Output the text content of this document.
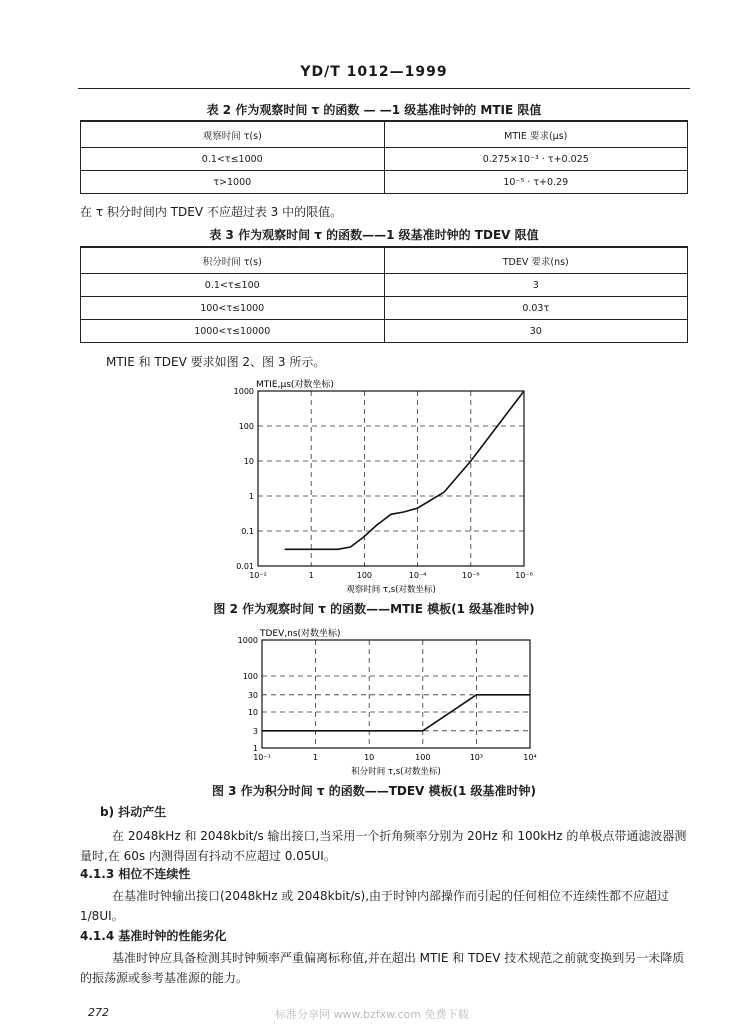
YD/T 1012—1999
表 2 作为观察时间 τ 的函数 — —1 级基准时钟的 MTIE 限值
观察时间 τ(s)	MTIE 要求(μs)
0.1<τ≤1000	0.275×10⁻³ · τ+0.025
τ>1000	10⁻⁵ · τ+0.29
在 τ 积分时间内 TDEV 不应超过表 3 中的限值。
表 3 作为观察时间 τ 的函数——1 级基准时钟的 TDEV 限值
积分时间 τ(s)	TDEV 要求(ns)
0.1<τ≤100	3
100<τ≤1000	0.03τ
1000<τ≤10000	30
MTIE 和 TDEV 要求如图 2、图 3 所示。
MTIE,μs(对数坐标)
10⁻²	1	100	10⁻⁴	10⁻⁶	10⁻⁸
1000
100
10
1
0.1
0.01
观察时间 τ,s(对数坐标)
图 2 作为观察时间 τ 的函数——MTIE 模板(1 级基准时钟)
TDEV,ns(对数坐标)
10⁻¹	1	10	100	10³	10⁴
1000
100
30
10
3
1
积分时间 τ,s(对数坐标)
图 3 作为积分时间 τ 的函数——TDEV 模板(1 级基准时钟)
b) 抖动产生
在 2048kHz 和 2048kbit/s 输出接口,当采用一个折角频率分别为 20Hz 和 100kHz 的单极点带通滤波器测量时,在 60s 内测得固有抖动不应超过 0.05UI。
4.1.3 相位不连续性
在基准时钟输出接口(2048kHz 或 2048kbit/s),由于时钟内部操作而引起的任何相位不连续性都不应超过 1/8UI。
4.1.4 基准时钟的性能劣化
基准时钟应具备检测其时钟频率严重偏离标称值,并在超出 MTIE 和 TDEV 技术规范之前就变换到另一未降质的振荡源或参考基准源的能力。
272	标准分享网 www.bzfxw.com 免费下载
